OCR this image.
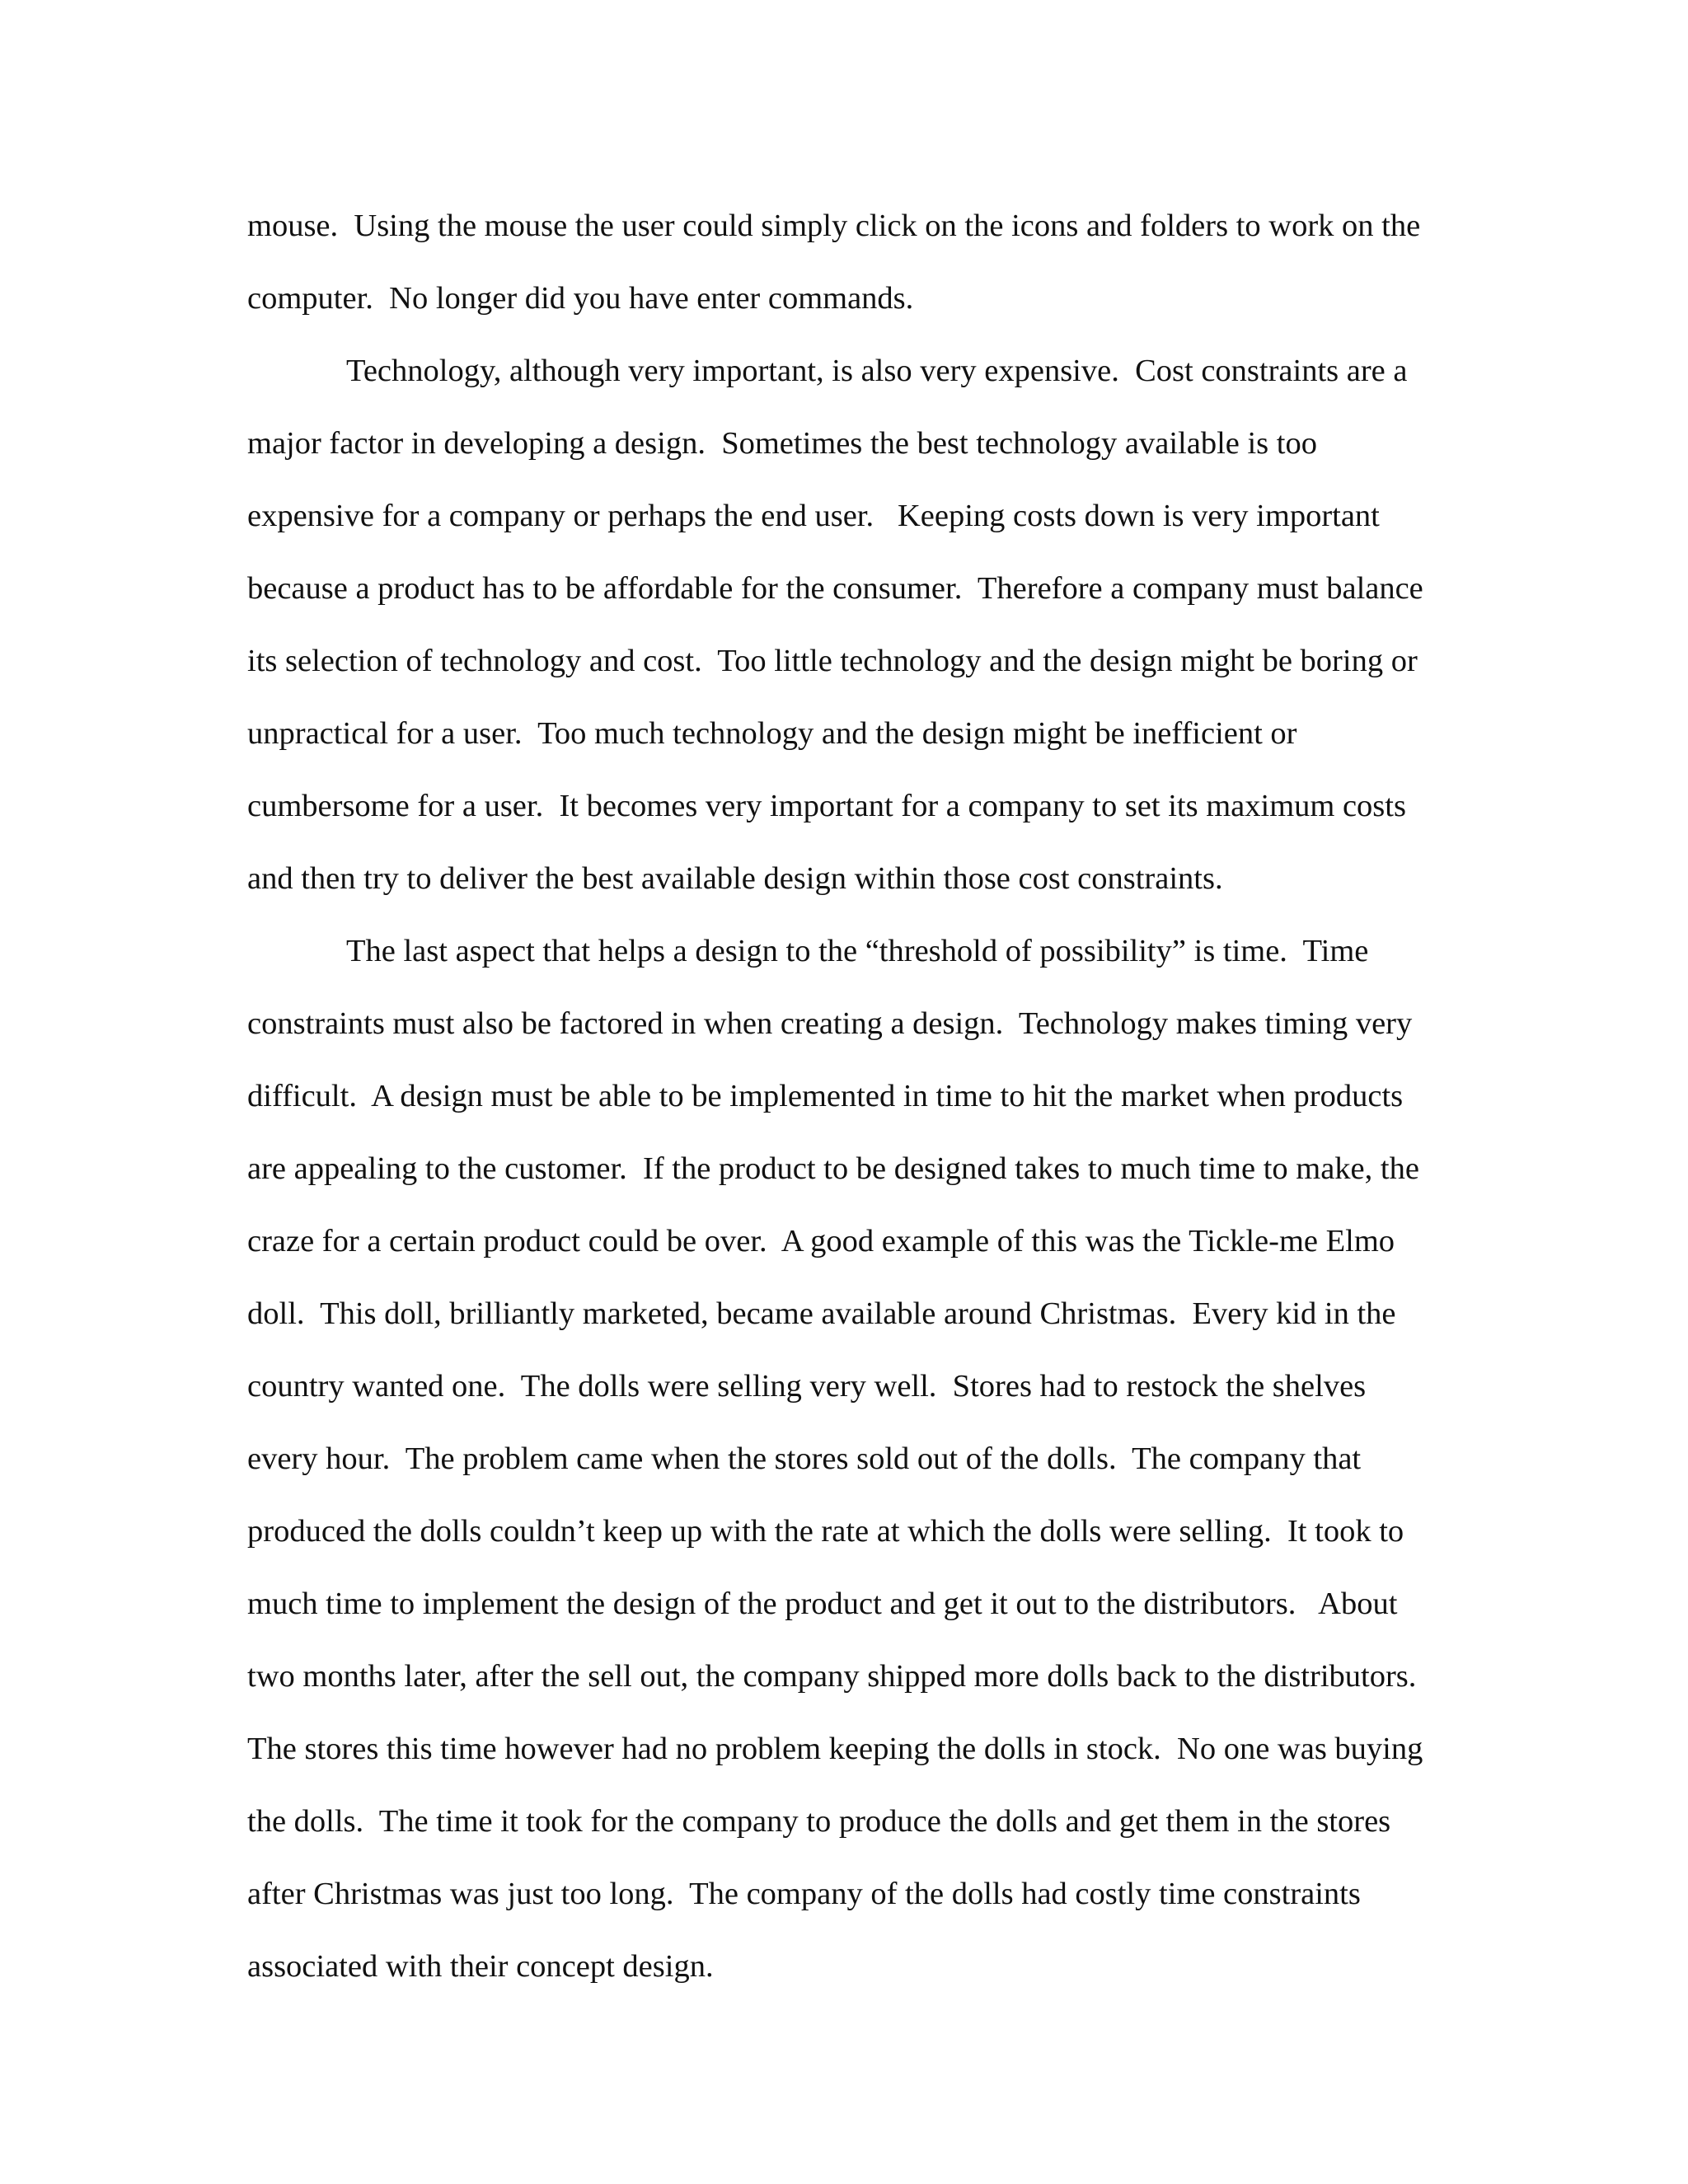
mouse.  Using the mouse the user could simply click on the icons and folders to work on the
computer.  No longer did you have enter commands.
Technology, although very important, is also very expensive.  Cost constraints are a
major factor in developing a design.  Sometimes the best technology available is too
expensive for a company or perhaps the end user.   Keeping costs down is very important
because a product has to be affordable for the consumer.  Therefore a company must balance
its selection of technology and cost.  Too little technology and the design might be boring or
unpractical for a user.  Too much technology and the design might be inefficient or
cumbersome for a user.  It becomes very important for a company to set its maximum costs
and then try to deliver the best available design within those cost constraints.
The last aspect that helps a design to the “threshold of possibility” is time.  Time
constraints must also be factored in when creating a design.  Technology makes timing very
difficult.  A design must be able to be implemented in time to hit the market when products
are appealing to the customer.  If the product to be designed takes to much time to make, the
craze for a certain product could be over.  A good example of this was the Tickle-me Elmo
doll.  This doll, brilliantly marketed, became available around Christmas.  Every kid in the
country wanted one.  The dolls were selling very well.  Stores had to restock the shelves
every hour.  The problem came when the stores sold out of the dolls.  The company that
produced the dolls couldn’t keep up with the rate at which the dolls were selling.  It took to
much time to implement the design of the product and get it out to the distributors.   About
two months later, after the sell out, the company shipped more dolls back to the distributors.
The stores this time however had no problem keeping the dolls in stock.  No one was buying
the dolls.  The time it took for the company to produce the dolls and get them in the stores
after Christmas was just too long.  The company of the dolls had costly time constraints
associated with their concept design.
